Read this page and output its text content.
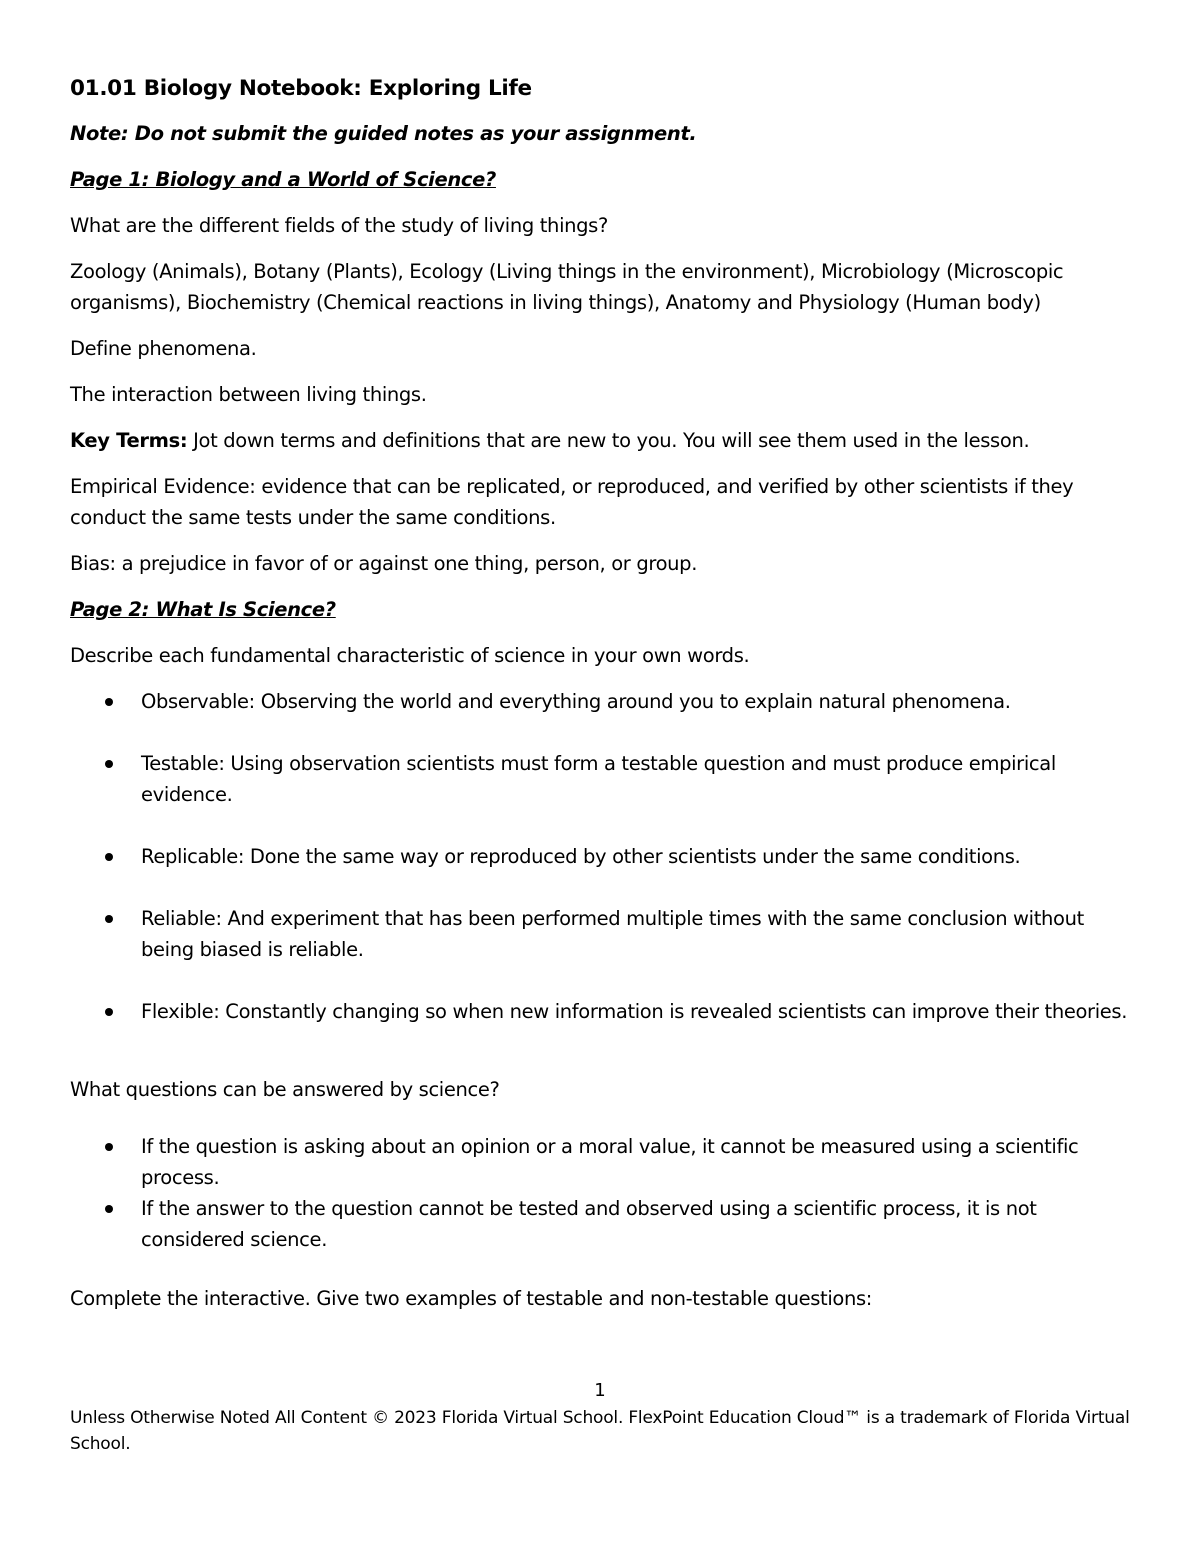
01.01 Biology Notebook: Exploring Life

Note: Do not submit the guided notes as your assignment.

Page 1: Biology and a World of Science?

What are the different fields of the study of living things?

Zoology (Animals), Botany (Plants), Ecology (Living things in the environment), Microbiology (Microscopic organisms), Biochemistry (Chemical reactions in living things), Anatomy and Physiology (Human body)

Define phenomena.

The interaction between living things.

Key Terms: Jot down terms and definitions that are new to you. You will see them used in the lesson.

Empirical Evidence: evidence that can be replicated, or reproduced, and verified by other scientists if they conduct the same tests under the same conditions.

Bias: a prejudice in favor of or against one thing, person, or group.

Page 2: What Is Science?

Describe each fundamental characteristic of science in your own words.

Observable: Observing the world and everything around you to explain natural phenomena.

Testable: Using observation scientists must form a testable question and must produce empirical evidence.

Replicable: Done the same way or reproduced by other scientists under the same conditions.

Reliable: And experiment that has been performed multiple times with the same conclusion without being biased is reliable.

Flexible: Constantly changing so when new information is revealed scientists can improve their theories.

What questions can be answered by science?

If the question is asking about an opinion or a moral value, it cannot be measured using a scientific process.

If the answer to the question cannot be tested and observed using a scientific process, it is not considered science.

Complete the interactive. Give two examples of testable and non-testable questions:

1
Unless Otherwise Noted All Content © 2023 Florida Virtual School. FlexPoint Education Cloud™ is a trademark of Florida Virtual School.
